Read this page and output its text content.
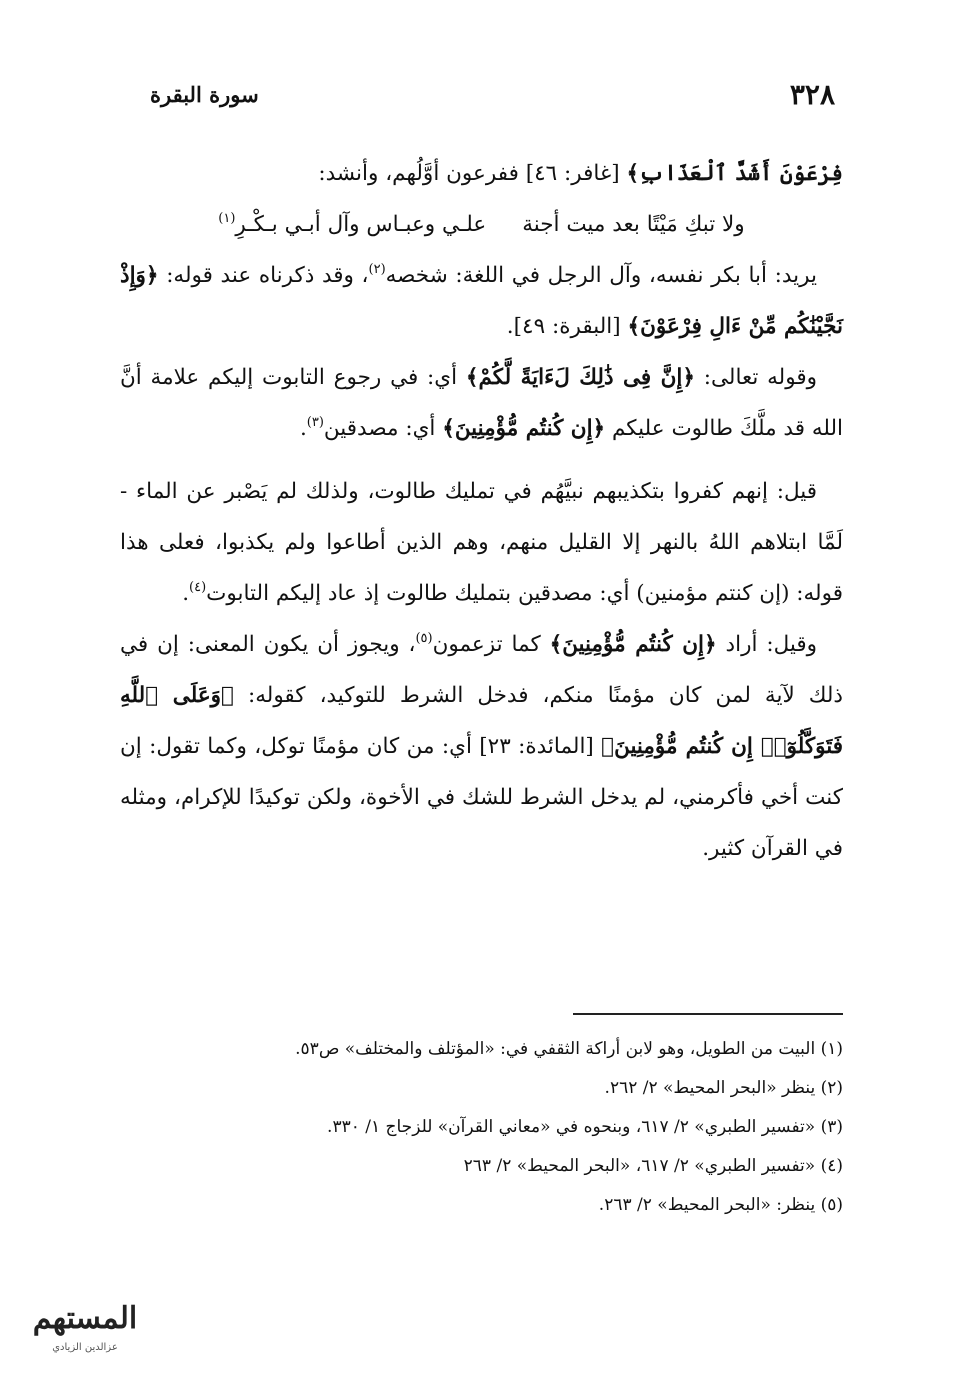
٣٢٨
سورة البقرة

فِرْعَوْنَ أَشَدَّ ٱلْعَذَابِ﴾ [غافر: ٤٦] ففرعون أوَّلُهم، وأنشد:

ولا تبكِ مَيْتًا بعد ميت أجنةعلـي وعبـاس وآل أبـي بـكْـرِ$^{(١)}$

يريد: أبا بكر نفسه، وآل الرجل في اللغة: شخصه$^{(٢)}$، وقد ذكرناه عند قوله: ﴿وَإِذْ نَجَّيْنَٰكُم مِّنْ ءَالِ فِرْعَوْنَ﴾ [البقرة: ٤٩].

وقوله تعالى: ﴿إِنَّ فِى ذَٰلِكَ لَءَايَةً لَّكُمْ﴾ أي: في رجوع التابوت إليكم علامة أنَّ الله قد ملَّكَ طالوت عليكم ﴿إِن كُنتُم مُّؤْمِنِينَ﴾ أي: مصدقين$^{(٣)}$.

قيل: إنهم كفروا بتكذيبهم نبيَّهُم في تمليك طالوت، ولذلك لم يَصْبر عن الماء - لَمَّا ابتلاهم اللهُ بالنهر إلا القليل منهم، وهم الذين أطاعوا ولم يكذبوا، فعلى هذا قوله: (إن كنتم مؤمنين) أي: مصدقين بتمليك طالوت إذ عاد إليكم التابوت$^{(٤)}$.

وقيل: أراد ﴿إِن كُنتُم مُّؤْمِنِينَ﴾ كما تزعمون$^{(٥)}$، ويجوز أن يكون المعنى: إن في ذلك لآية لمن كان مؤمنًا منكم، فدخل الشرط للتوكيد، كقوله: ﴿وَعَلَى ٱللَّهِ فَتَوَكَّلُوٓا۟ إِن كُنتُم مُّؤْمِنِينَ﴾ [المائدة: ٢٣] أي: من كان مؤمنًا توكل، وكما تقول: إن كنت أخي فأكرمني، لم يدخل الشرط للشك في الأخوة، ولكن توكيدًا للإكرام، ومثله في القرآن كثير.

(١) البيت من الطويل، وهو لابن أراكة الثقفي في: «المؤتلف والمختلف» ص٥٣.
(٢) ينظر «البحر المحيط» ٢/ ٢٦٢.
(٣) «تفسير الطبري» ٢/ ٦١٧، وبنحوه في «معاني القرآن» للزجاج ١/ ٣٣٠.
(٤) «تفسير الطبري» ٢/ ٦١٧، «البحر المحيط» ٢/ ٢٦٣
(٥) ينظر: «البحر المحيط» ٢/ ٢٦٣.
المستهم
عزالدين الزيادي
